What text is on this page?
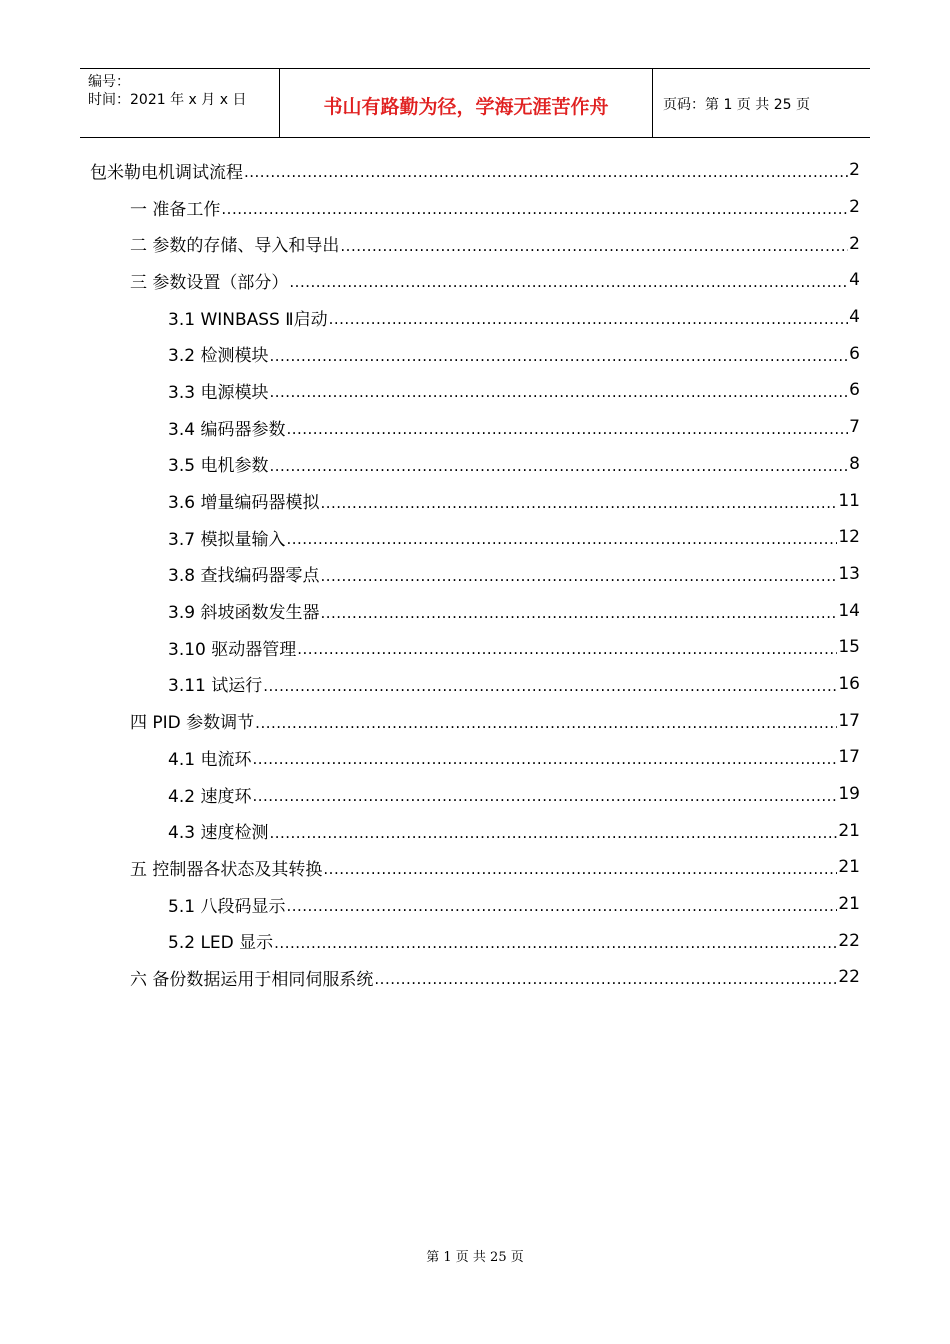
编号：
时间：2021 年 x 月 x 日	书山有路勤为径，学海无涯苦作舟	页码：第 1 页 共 25 页
包米勒电机调试流程 .....	2
一 准备工作 .....	2
二 参数的存储、导入和导出 .....	2
三 参数设置（部分） .....	4
3.1 WINBASS Ⅱ启动 .....	4
3.2 检测模块 .....	6
3.3 电源模块 .....	6
3.4 编码器参数 .....	7
3.5 电机参数 .....	8
3.6 增量编码器模拟 .....	11
3.7 模拟量输入 .....	12
3.8 查找编码器零点 .....	13
3.9 斜坡函数发生器 .....	14
3.10 驱动器管理 .....	15
3.11 试运行 .....	16
四 PID 参数调节 .....	17
4.1 电流环 .....	17
4.2 速度环 .....	19
4.3 速度检测 .....	21
五 控制器各状态及其转换 .....	21
5.1 八段码显示 .....	21
5.2 LED 显示 .....	22
六 备份数据运用于相同伺服系统 .....	22
第 1 页 共 25 页
